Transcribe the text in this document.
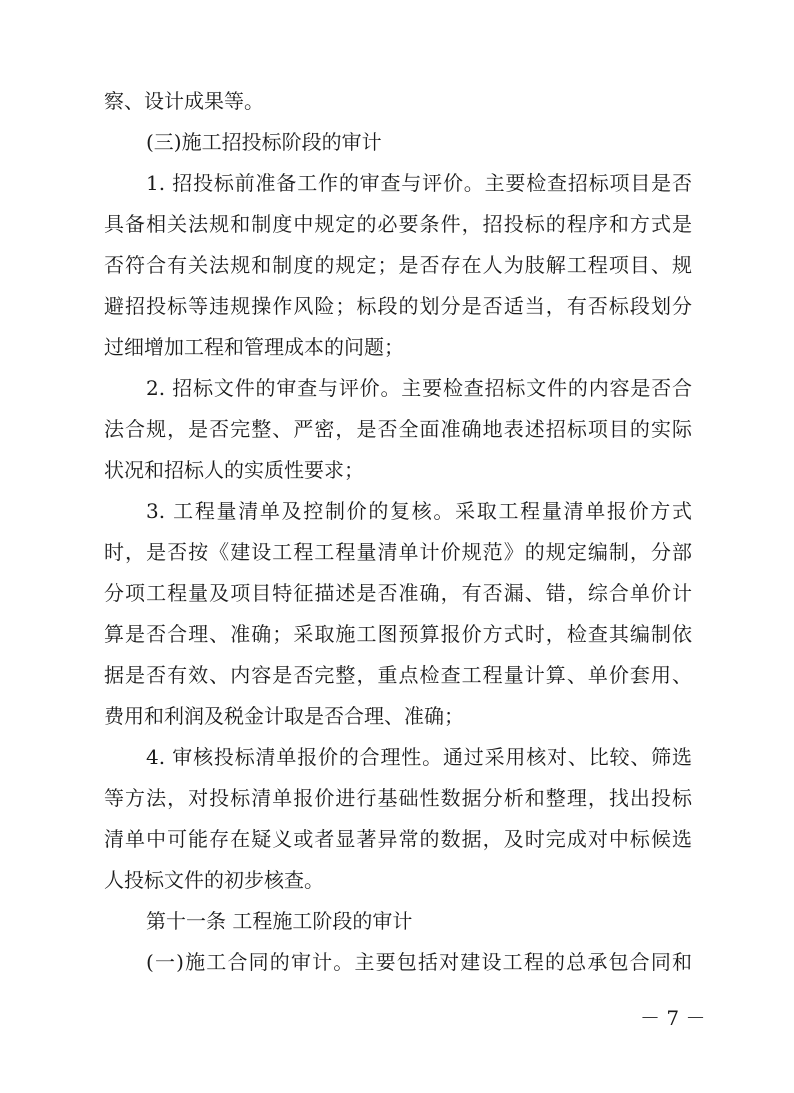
察、设计成果等。
(三)施工招投标阶段的审计
1. 招投标前准备工作的审查与评价。主要检查招标项目是否
具备相关法规和制度中规定的必要条件，招投标的程序和方式是
否符合有关法规和制度的规定；是否存在人为肢解工程项目、规
避招投标等违规操作风险；标段的划分是否适当，有否标段划分
过细增加工程和管理成本的问题；
2. 招标文件的审查与评价。主要检查招标文件的内容是否合
法合规，是否完整、严密，是否全面准确地表述招标项目的实际
状况和招标人的实质性要求；
3. 工程量清单及控制价的复核。采取工程量清单报价方式
时，是否按《建设工程工程量清单计价规范》的规定编制，分部
分项工程量及项目特征描述是否准确，有否漏、错，综合单价计
算是否合理、准确；采取施工图预算报价方式时，检查其编制依
据是否有效、内容是否完整，重点检查工程量计算、单价套用、
费用和利润及税金计取是否合理、准确；
4. 审核投标清单报价的合理性。通过采用核对、比较、筛选
等方法，对投标清单报价进行基础性数据分析和整理，找出投标
清单中可能存在疑义或者显著异常的数据，及时完成对中标候选
人投标文件的初步核查。
第十一条 工程施工阶段的审计
(一)施工合同的审计。主要包括对建设工程的总承包合同和
－ 7 －
